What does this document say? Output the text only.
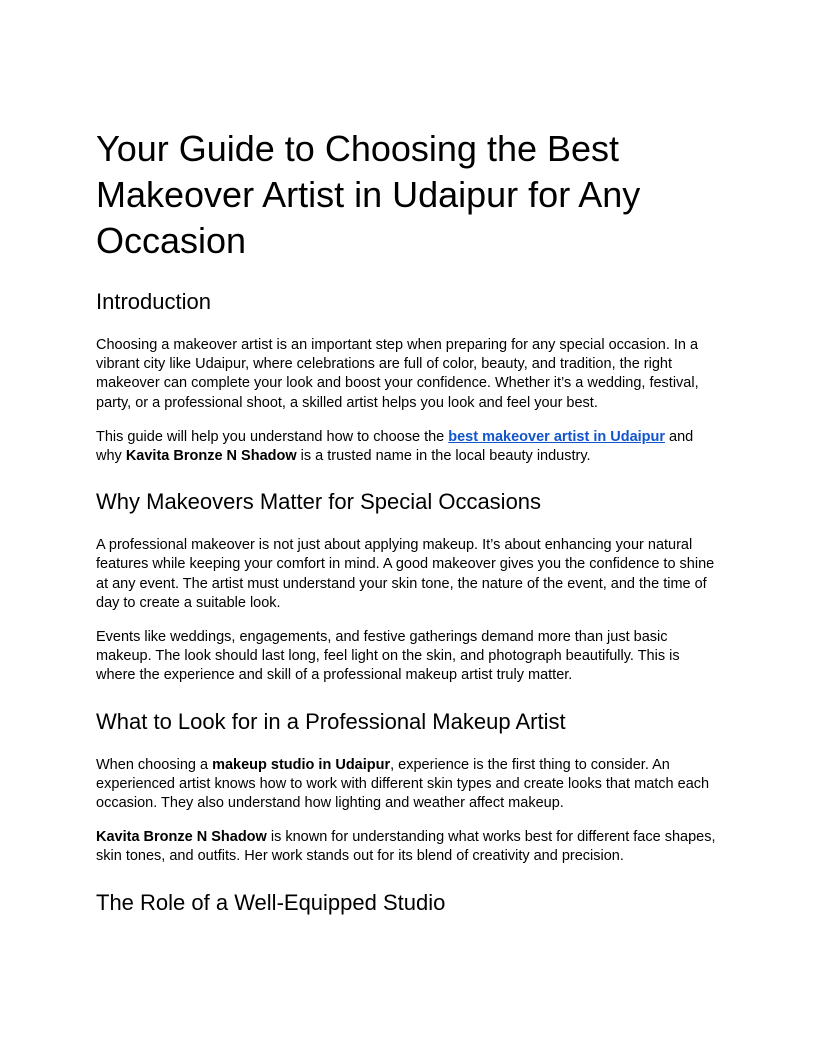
Your Guide to Choosing the Best Makeover Artist in Udaipur for Any Occasion
Introduction

Choosing a makeover artist is an important step when preparing for any special occasion. In a vibrant city like Udaipur, where celebrations are full of color, beauty, and tradition, the right makeover can complete your look and boost your confidence. Whether it’s a wedding, festival, party, or a professional shoot, a skilled artist helps you look and feel your best.

This guide will help you understand how to choose the best makeover artist in Udaipur and why Kavita Bronze N Shadow is a trusted name in the local beauty industry.

Why Makeovers Matter for Special Occasions

A professional makeover is not just about applying makeup. It’s about enhancing your natural features while keeping your comfort in mind. A good makeover gives you the confidence to shine at any event. The artist must understand your skin tone, the nature of the event, and the time of day to create a suitable look.

Events like weddings, engagements, and festive gatherings demand more than just basic makeup. The look should last long, feel light on the skin, and photograph beautifully. This is where the experience and skill of a professional makeup artist truly matter.

What to Look for in a Professional Makeup Artist

When choosing a makeup studio in Udaipur, experience is the first thing to consider. An experienced artist knows how to work with different skin types and create looks that match each occasion. They also understand how lighting and weather affect makeup.

Kavita Bronze N Shadow is known for understanding what works best for different face shapes, skin tones, and outfits. Her work stands out for its blend of creativity and precision.

The Role of a Well-Equipped Studio
